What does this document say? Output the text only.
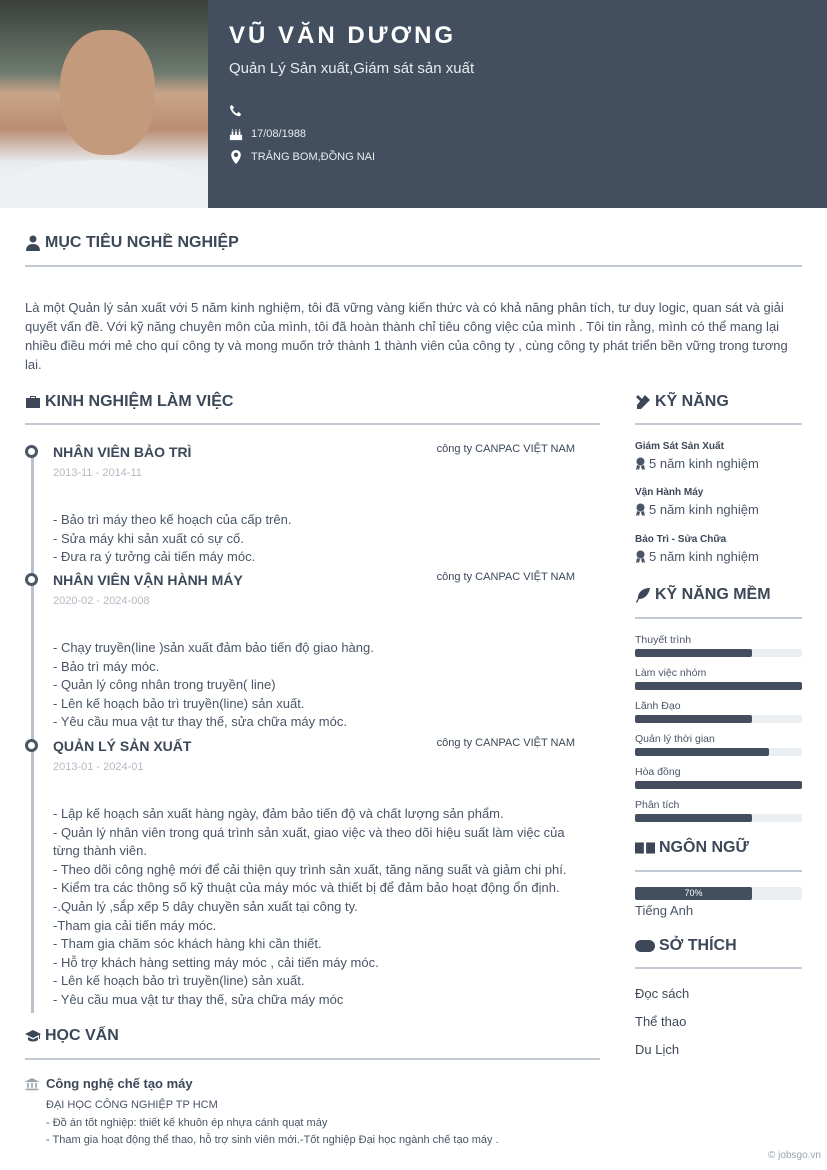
VŨ VĂN DƯƠNG
Quản Lý Sản xuất,Giám sát sản xuất
17/08/1988
TRẢNG BOM,ĐỒNG NAI
MỤC TIÊU NGHỀ NGHIỆP
Là một Quản lý sản xuất với 5 năm kinh nghiệm, tôi đã vững vàng kiến thức và có khả năng phân tích, tư duy logic, quan sát và giải quyết vấn đề. Với kỹ năng chuyên môn của mình, tôi đã hoàn thành chỉ tiêu công việc của mình . Tôi tin rằng, mình có thể mang lại nhiều điều mới mẻ cho quí công ty và mong muốn trở thành 1 thành viên của công ty , cùng công ty phát triển bền vững trong tương lai.
KINH NGHIỆM LÀM VIỆC
NHÂN VIÊN BẢO TRÌ	công ty CANPAC VIỆT NAM
2013-11 - 2014-11
- Bảo trì máy theo kế hoạch của cấp trên.
- Sửa máy khi sản xuất có sự cố.
- Đưa ra ý tưởng cải tiến máy móc.
NHÂN VIÊN VẬN HÀNH MÁY	công ty CANPAC VIỆT NAM
2020-02 - 2024-008
- Chạy truyền(line )sản xuất đảm bảo tiến độ giao hàng.
- Bảo trì máy móc.
- Quản lý công nhân trong truyền( line)
- Lên kế hoạch bảo trì truyền(line) sản xuất.
- Yêu cầu mua vật tư thay thế, sửa chữa máy móc.
QUẢN LÝ SẢN XUẤT	công ty CANPAC VIỆT NAM
2013-01 - 2024-01
- Lập kế hoạch sản xuất hàng ngày, đảm bảo tiến độ và chất lượng sản phẩm.
- Quản lý nhân viên trong quá trình sản xuất, giao việc và theo dõi hiệu suất làm việc của từng thành viên.
- Theo dõi công nghệ mới để cải thiện quy trình sản xuất, tăng năng suất và giảm chi phí.
- Kiểm tra các thông số kỹ thuật của máy móc và thiết bị để đảm bảo hoạt động ổn định.
-.Quản lý ,sắp xếp 5 dây chuyền sản xuất tại công ty.
-Tham gia cải tiến máy móc.
- Tham gia chăm sóc khách hàng khi cần thiết.
- Hỗ trợ khách hàng setting máy móc , cải tiến máy móc.
- Lên kế hoạch bảo trì truyền(line) sản xuất.
- Yêu cầu mua vật tư thay thế, sửa chữa máy móc
HỌC VẤN
Công nghệ chế tạo máy
ĐẠI HỌC CÔNG NGHIỆP TP HCM
- Đồ án tốt nghiệp: thiết kế khuôn ép nhựa cánh quạt máy
- Tham gia hoạt động thể thao, hỗ trợ sinh viên mới.-Tốt nghiệp Đại học ngành chế tạo máy .
KỸ NĂNG
Giám Sát Sản Xuất
5 năm kinh nghiệm
Vận Hành Máy
5 năm kinh nghiệm
Bảo Trì - Sửa Chữa
5 năm kinh nghiệm
KỸ NĂNG MỀM
Thuyết trình
Làm việc nhóm
Lãnh Đạo
Quản lý thời gian
Hòa đồng
Phân tích
NGÔN NGỮ
70%
Tiếng Anh
SỞ THÍCH
Đọc sách
Thể thao
Du Lịch
© jobsgo.vn
